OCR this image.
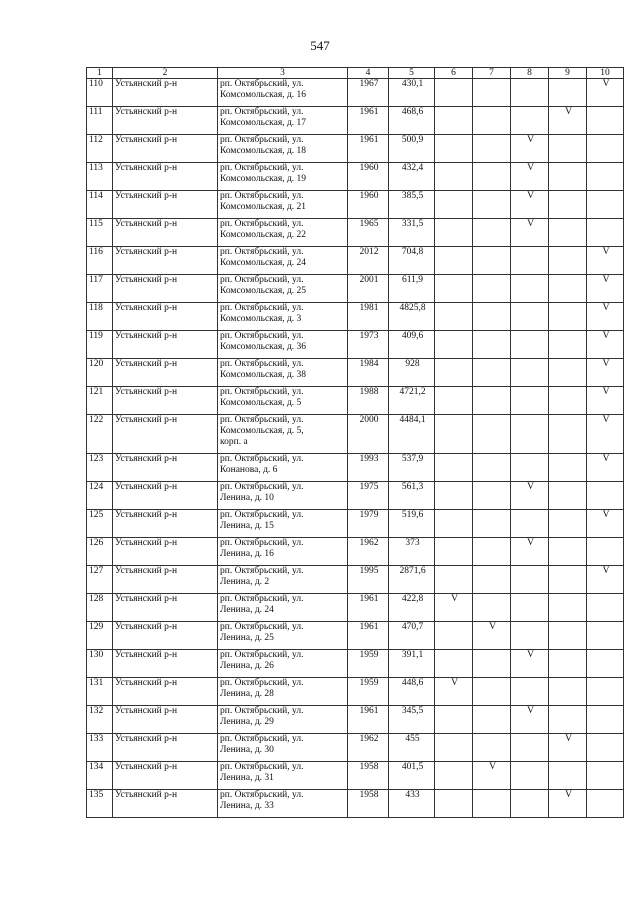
547
1	2	3	4	5	6	7	8	9	10
110	Устьянский р-н	рп. Октябрьский, ул.
Комсомольская, д. 16	1967	430,1					V
111	Устьянский р-н	рп. Октябрьский, ул.
Комсомольская, д. 17	1961	468,6				V	
112	Устьянский р-н	рп. Октябрьский, ул.
Комсомольская, д. 18	1961	500,9			V		
113	Устьянский р-н	рп. Октябрьский, ул.
Комсомольская, д. 19	1960	432,4			V		
114	Устьянский р-н	рп. Октябрьский, ул.
Комсомольская, д. 21	1960	385,5			V		
115	Устьянский р-н	рп. Октябрьский, ул.
Комсомольская, д. 22	1965	331,5			V		
116	Устьянский р-н	рп. Октябрьский, ул.
Комсомольская, д. 24	2012	704,8					V
117	Устьянский р-н	рп. Октябрьский, ул.
Комсомольская, д. 25	2001	611,9					V
118	Устьянский р-н	рп. Октябрьский, ул.
Комсомольская, д. 3	1981	4825,8					V
119	Устьянский р-н	рп. Октябрьский, ул.
Комсомольская, д. 36	1973	409,6					V
120	Устьянский р-н	рп. Октябрьский, ул.
Комсомольская, д. 38	1984	928					V
121	Устьянский р-н	рп. Октябрьский, ул.
Комсомольская, д. 5	1988	4721,2					V
122	Устьянский р-н	рп. Октябрьский, ул.
Комсомольская, д. 5,
корп. а	2000	4484,1					V
123	Устьянский р-н	рп. Октябрьский, ул.
Конанова, д. 6	1993	537,9					V
124	Устьянский р-н	рп. Октябрьский, ул.
Ленина, д. 10	1975	561,3			V		
125	Устьянский р-н	рп. Октябрьский, ул.
Ленина, д. 15	1979	519,6					V
126	Устьянский р-н	рп. Октябрьский, ул.
Ленина, д. 16	1962	373			V		
127	Устьянский р-н	рп. Октябрьский, ул.
Ленина, д. 2	1995	2871,6					V
128	Устьянский р-н	рп. Октябрьский, ул.
Ленина, д. 24	1961	422,8	V				
129	Устьянский р-н	рп. Октябрьский, ул.
Ленина, д. 25	1961	470,7		V			
130	Устьянский р-н	рп. Октябрьский, ул.
Ленина, д. 26	1959	391,1			V		
131	Устьянский р-н	рп. Октябрьский, ул.
Ленина, д. 28	1959	448,6	V				
132	Устьянский р-н	рп. Октябрьский, ул.
Ленина, д. 29	1961	345,5			V		
133	Устьянский р-н	рп. Октябрьский, ул.
Ленина, д. 30	1962	455				V	
134	Устьянский р-н	рп. Октябрьский, ул.
Ленина, д. 31	1958	401,5		V			
135	Устьянский р-н	рп. Октябрьский, ул.
Ленина, д. 33	1958	433				V	
